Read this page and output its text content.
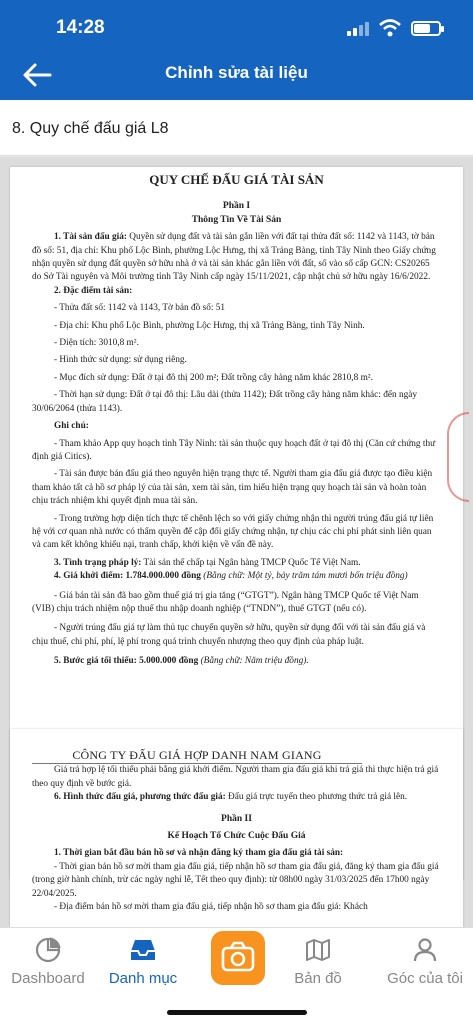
14:28
Chỉnh sửa tài liệu
8. Quy chế đấu giá L8

QUY CHẾ ĐẤU GIÁ TÀI SẢN

Phần I

Thông Tin Về Tài Sản

1. Tài sản đấu giá: Quyền sử dụng đất và tài sản gắn liền với đất tại thửa đất số: 1142 và 1143, tờ bản đồ số: 51, địa chỉ: Khu phố Lộc Bình, phường Lộc Hưng, thị xã Trảng Bàng, tỉnh Tây Ninh theo Giấy chứng nhận quyền sử dụng đất quyền sở hữu nhà ở và tài sản khác gắn liền với đất, số vào sổ cấp GCN: CS20265 do Sở Tài nguyên và Môi trường tỉnh Tây Ninh cấp ngày 15/11/2021, cập nhật chủ sở hữu ngày 16/6/2022.

2. Đặc điểm tài sản:

- Thửa đất số: 1142 và 1143, Tờ bản đồ số: 51

- Địa chỉ: Khu phố Lộc Bình, phường Lộc Hưng, thị xã Trảng Bàng, tỉnh Tây Ninh.

- Diện tích: 3010,8 m².

- Hình thức sử dụng: sử dụng riêng.

- Mục đích sử dụng: Đất ở tại đô thị 200 m²; Đất trồng cây hàng năm khác 2810,8 m².

- Thời hạn sử dụng: Đất ở tại đô thị: Lâu dài (thửa 1142); Đất trồng cây hàng năm khác: đến ngày 30/06/2064 (thửa 1143).

Ghi chú:

- Tham khảo App quy hoạch tỉnh Tây Ninh: tài sản thuộc quy hoạch đất ở tại đô thị (Căn cứ chứng thư định giá Citics).

- Tài sản được bán đấu giá theo nguyên hiện trạng thực tế. Người tham gia đấu giá được tạo điều kiện tham khảo tất cả hồ sơ pháp lý của tài sản, xem tài sản, tìm hiểu hiện trạng quy hoạch tài sản và hoàn toàn chịu trách nhiệm khi quyết định mua tài sản.

- Trong trường hợp diện tích thực tế chênh lệch so với giấy chứng nhận thì người trúng đấu giá tự liên hệ với cơ quan nhà nước có thẩm quyền để cập đổi giấy chứng nhận, tự chịu các chi phí phát sinh liên quan và cam kết không khiếu nại, tranh chấp, khởi kiện về vấn đề này.

3. Tình trạng pháp lý: Tài sản thế chấp tại Ngân hàng TMCP Quốc Tế Việt Nam.

4. Giá khởi điểm: 1.784.000.000 đồng (Bằng chữ: Một tỷ, bảy trăm tám mươi bốn triệu đồng)

- Giá bán tài sản đã bao gồm thuế giá trị gia tăng (“GTGT”). Ngân hàng TMCP Quốc tế Việt Nam (VIB) chịu trách nhiệm nộp thuế thu nhập doanh nghiệp (“TNDN”), thuế GTGT (nếu có).

- Người trúng đấu giá tự làm thủ tục chuyển quyền sở hữu, quyền sử dụng đối với tài sản đấu giá và chịu thuế, chi phí, phí, lệ phí trong quá trình chuyển nhượng theo quy định của pháp luật.

5. Bước giá tối thiểu: 5.000.000 đồng (Bằng chữ: Năm triệu đồng).

CÔNG TY ĐẤU GIÁ HỢP DANH NAM GIANG

Giá trả hợp lệ tối thiểu phải bằng giá khởi điểm. Người tham gia đấu giá khi trả giá thì thực hiện trả giá theo quy định về bước giá.

6. Hình thức đấu giá, phương thức đấu giá: Đấu giá trực tuyến theo phương thức trả giá lên.

Phần II

Kế Hoạch Tổ Chức Cuộc Đấu Giá

1. Thời gian bắt đầu bán hồ sơ và nhận đăng ký tham gia đấu giá tài sản:

- Thời gian bán hồ sơ mời tham gia đấu giá, tiếp nhận hồ sơ tham gia đấu giá, đăng ký tham gia đấu giá (trong giờ hành chính, trừ các ngày nghỉ lễ, Tết theo quy định): từ 08h00 ngày 31/03/2025 đến 17h00 ngày 22/04/2025.

- Địa điểm bán hồ sơ mời tham gia đấu giá, tiếp nhận hồ sơ tham gia đấu giá: Khách

Dashboard	Danh mục	Bản đồ	Góc của tôi
